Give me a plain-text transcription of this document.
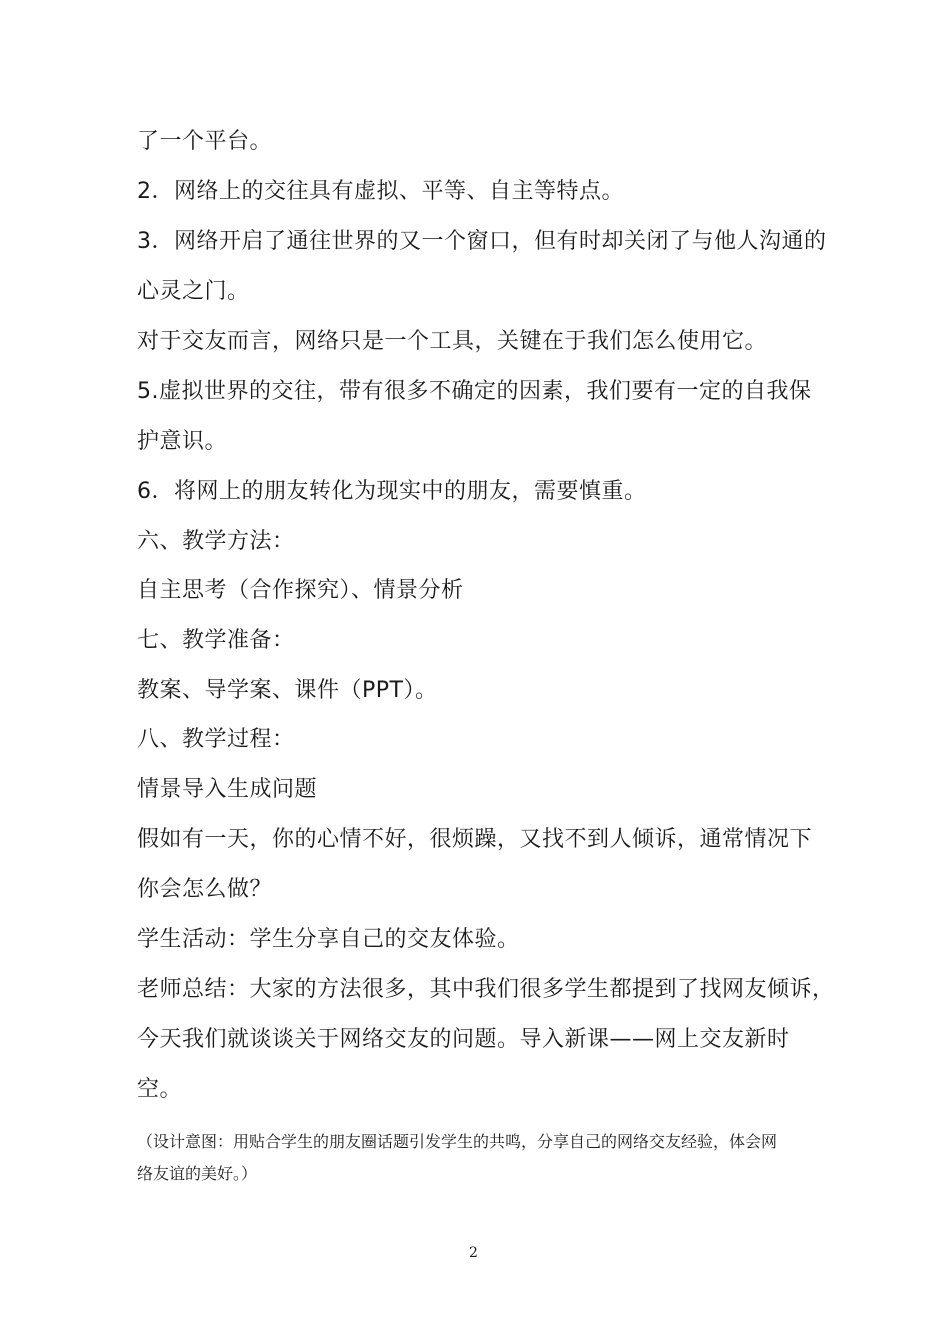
了一个平台。
2．网络上的交往具有虚拟、平等、自主等特点。
3．网络开启了通往世界的又一个窗口，但有时却关闭了与他人沟通的
心灵之门。
对于交友而言，网络只是一个工具，关键在于我们怎么使用它。
5.虚拟世界的交往，带有很多不确定的因素，我们要有一定的自我保
护意识。
6．将网上的朋友转化为现实中的朋友，需要慎重。
六、教学方法：
自主思考（合作探究）、情景分析
七、教学准备：
教案、导学案、课件（PPT）。
八、教学过程：
情景导入生成问题
假如有一天，你的心情不好，很烦躁，又找不到人倾诉，通常情况下
你会怎么做？
学生活动：学生分享自己的交友体验。
老师总结：大家的方法很多，其中我们很多学生都提到了找网友倾诉，
今天我们就谈谈关于网络交友的问题。导入新课——网上交友新时
空。
（设计意图：用贴合学生的朋友圈话题引发学生的共鸣，分享自己的网络交友经验，体会网
络友谊的美好。）
2
